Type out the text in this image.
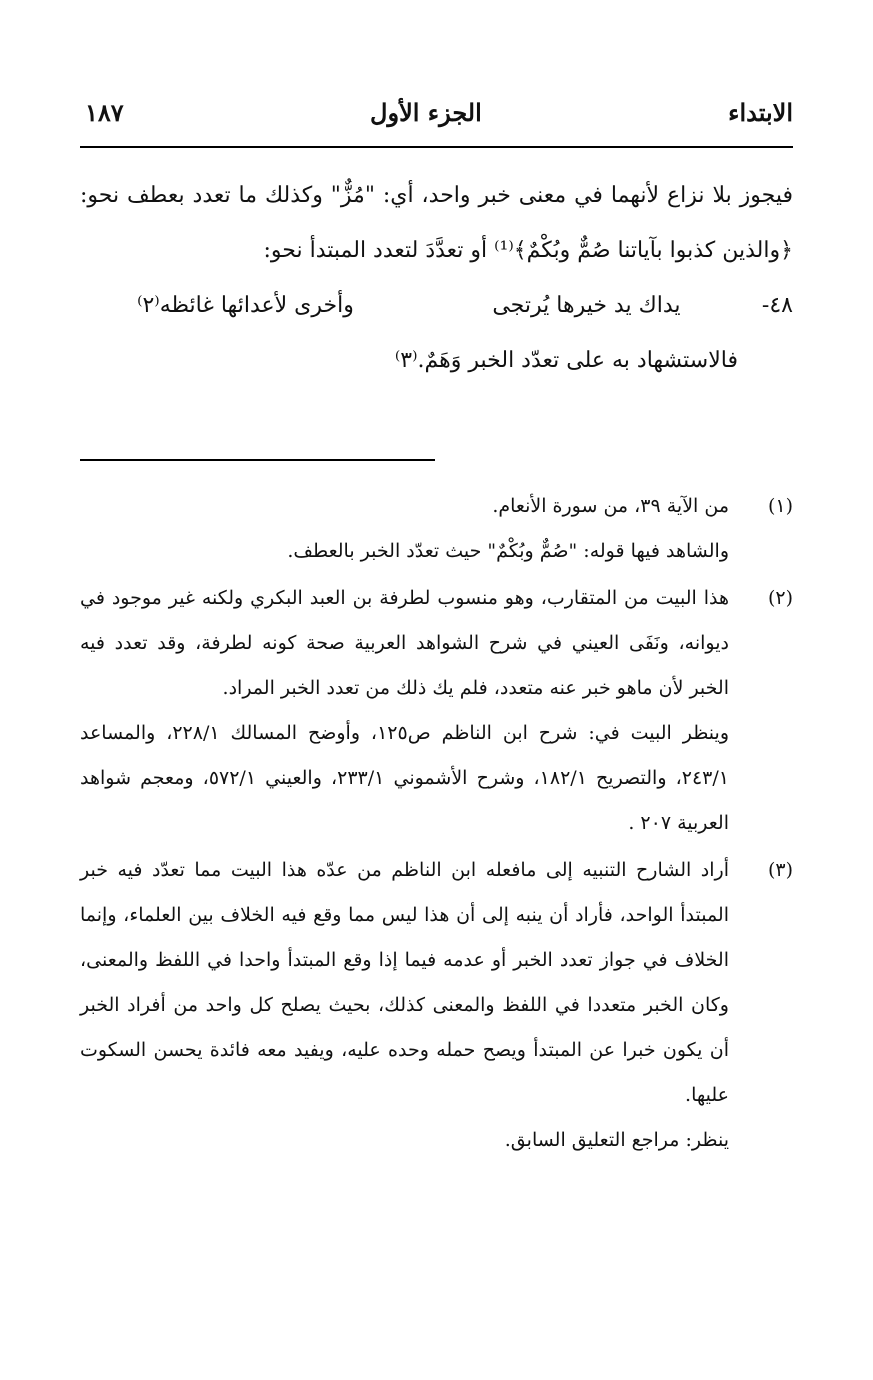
الابتداء
الجزء الأول
١٨٧

فيجوز بلا نزاع لأنهما في معنى خبر واحد، أي: "مُزٌّ" وكذلك ما تعدد بعطف نحو: ﴿والذين كذبوا بآياتنا صُمٌّ وبُكْمٌ﴾⁽¹⁾ أو تعدَّدَ لتعدد المبتدأ نحو:

٤٨-
يداك يد خيرها يُرتجى
وأخرى لأعدائها غائظه⁽٢⁾

فالاستشهاد به على تعدّد الخبر وَهَمٌ.⁽٣⁾

(١)

من الآية ٣٩، من سورة الأنعام.

والشاهد فيها قوله: "صُمٌّ وبُكْمٌ" حيث تعدّد الخبر بالعطف.

(٢)

هذا البيت من المتقارب، وهو منسوب لطرفة بن العبد البكري ولكنه غير موجود في ديوانه، ونَفَى العيني في شرح الشواهد العربية صحة كونه لطرفة، وقد تعدد فيه الخبر لأن ماهو خبر عنه متعدد، فلم يك ذلك من تعدد الخبر المراد.

وينظر البيت في: شرح ابن الناظم ص١٢٥، وأوضح المسالك ٢٢٨/١، والمساعد ٢٤٣/١، والتصريح ١٨٢/١، وشرح الأشموني ٢٣٣/١، والعيني ٥٧٢/١، ومعجم شواهد العربية ٢٠٧ .

(٣)

أراد الشارح التنبيه إلى مافعله ابن الناظم من عدّه هذا البيت مما تعدّد فيه خبر المبتدأ الواحد، فأراد أن ينبه إلى أن هذا ليس مما وقع فيه الخلاف بين العلماء، وإنما الخلاف في جواز تعدد الخبر أو عدمه فيما إذا وقع المبتدأ واحدا في اللفظ والمعنى، وكان الخبر متعددا في اللفظ والمعنى كذلك، بحيث يصلح كل واحد من أفراد الخبر أن يكون خبرا عن المبتدأ ويصح حمله وحده عليه، ويفيد معه فائدة يحسن السكوت عليها.

ينظر: مراجع التعليق السابق.
